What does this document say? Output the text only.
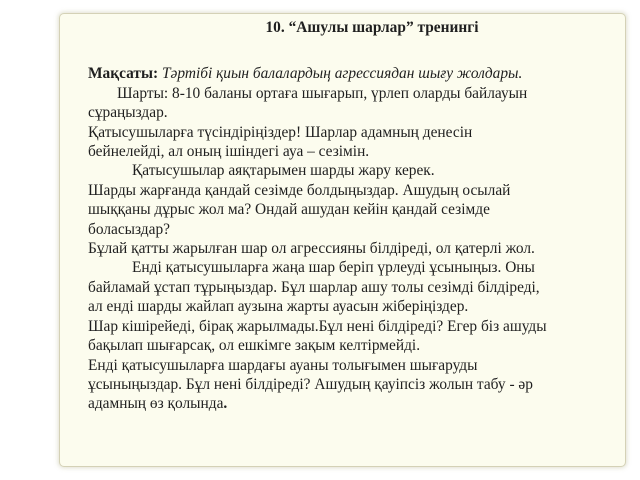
10. “Ашулы шарлар” тренингі

Мақсаты: Тәртібі қиын балалардың агрессиядан шығу жолдары.

Шарты: 8-10 баланы ортаға шығарып, үрлеп оларды байлауын

сұраңыздар.

Қатысушыларға түсіндіріңіздер! Шарлар адамның денесін

бейнелейді, ал оның ішіндегі ауа – сезімін.

Қатысушылар аяқтарымен шарды жару керек.

Шарды жарғанда қандай сезімде болдыңыздар. Ашудың осылай

шыққаны дұрыс жол ма? Ондай ашудан кейін қандай сезімде

боласыздар?

Бұлай қатты жарылған шар ол агрессияны білдіреді, ол қатерлі жол.

Енді қатысушыларға жаңа шар беріп үрлеуді ұсыныңыз. Оны

байламай ұстап тұрыңыздар. Бұл шарлар ашу толы сезімді білдіреді,

ал енді шарды жайлап аузына жарты ауасын жіберіңіздер.

Шар кішірейеді, бірақ жарылмады.Бұл нені білдіреді? Егер біз ашуды

бақылап шығарсақ, ол ешкімге зақым келтірмейді.

Енді қатысушыларға шардағы ауаны толығымен шығаруды

ұсыныңыздар. Бұл нені білдіреді? Ашудың қауіпсіз жолын табу - әр

адамның өз қолында.
